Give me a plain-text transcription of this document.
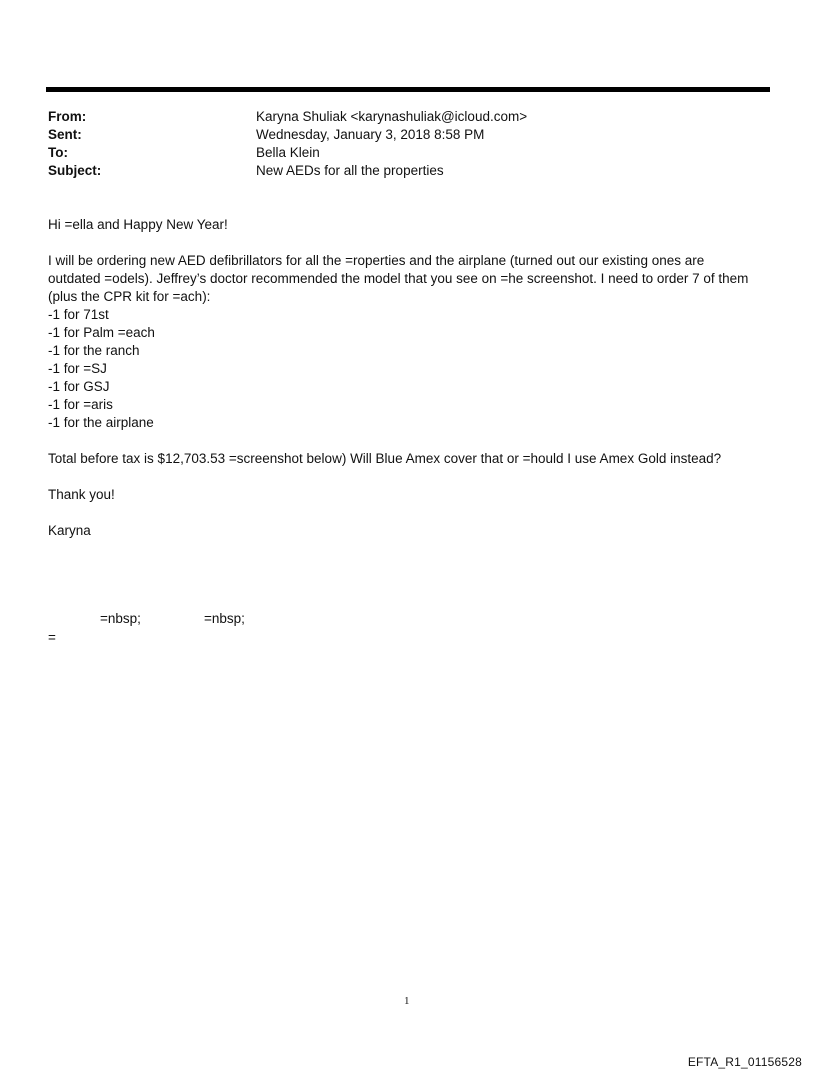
From:	Karyna Shuliak <karynashuliak@icloud.com>
Sent:	Wednesday, January 3, 2018 8:58 PM
To:	Bella Klein
Subject:	New AEDs for all the properties

Hi =ella and Happy New Year!

I will be ordering new AED defibrillators for all the =roperties and the airplane (turned out our existing ones are

outdated =odels). Jeffrey’s doctor recommended the model that you see on =he screenshot. I need to order 7 of them

(plus the CPR kit for =ach):

-1 for 71st

-1 for Palm =each

-1 for the ranch

-1 for =SJ

-1 for GSJ

-1 for =aris

-1 for the airplane

Total before tax is $12,703.53 =screenshot below) Will Blue Amex cover that or =hould I use Amex Gold instead?

Thank you!

Karyna

=nbsp;	=nbsp;
=
1
EFTA_R1_01156528
